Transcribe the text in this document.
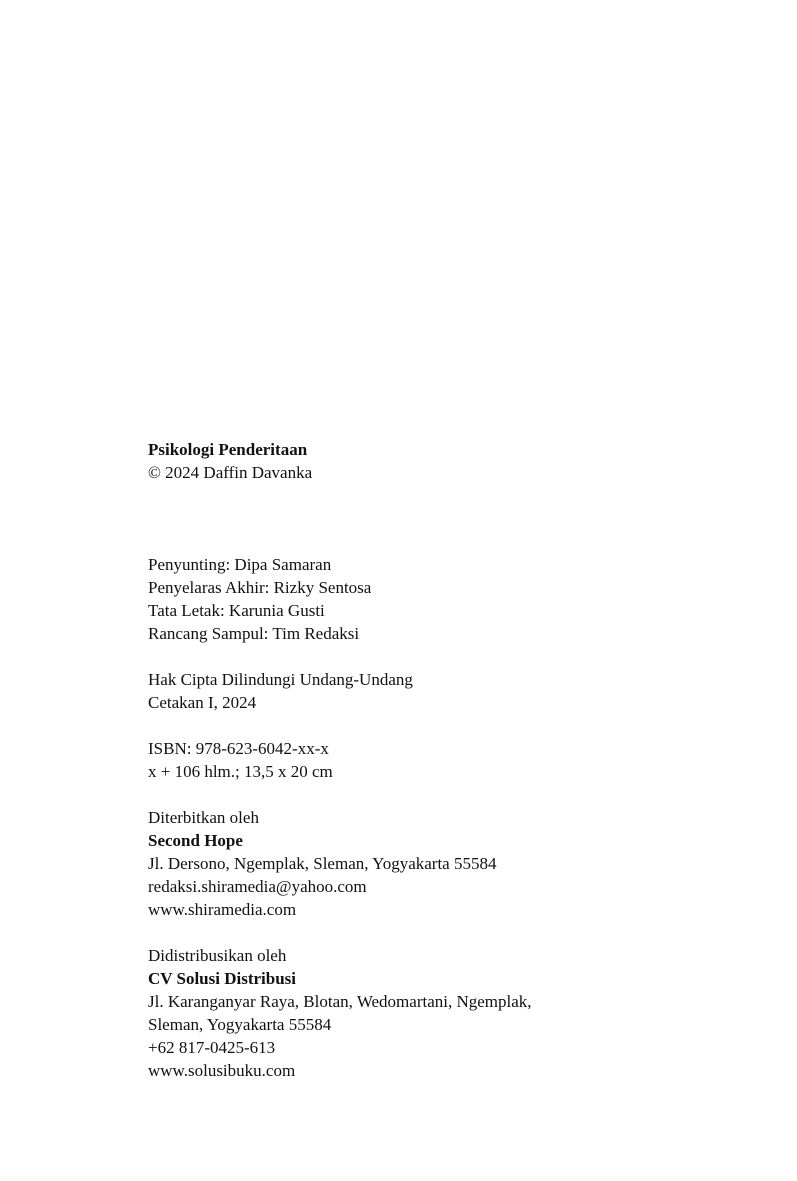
Psikologi Penderitaan
© 2024 Daffin Davanka
Penyunting: Dipa Samaran
Penyelaras Akhir: Rizky Sentosa
Tata Letak: Karunia Gusti
Rancang Sampul: Tim Redaksi
Hak Cipta Dilindungi Undang-Undang
Cetakan I, 2024
ISBN: 978-623-6042-xx-x
x + 106 hlm.; 13,5 x 20 cm
Diterbitkan oleh
Second Hope
Jl. Dersono, Ngemplak, Sleman, Yogyakarta 55584
redaksi.shiramedia@yahoo.com
www.shiramedia.com
Didistribusikan oleh
CV Solusi Distribusi
Jl. Karanganyar Raya, Blotan, Wedomartani, Ngemplak,
Sleman, Yogyakarta 55584
+62 817-0425-613
www.solusibuku.com
